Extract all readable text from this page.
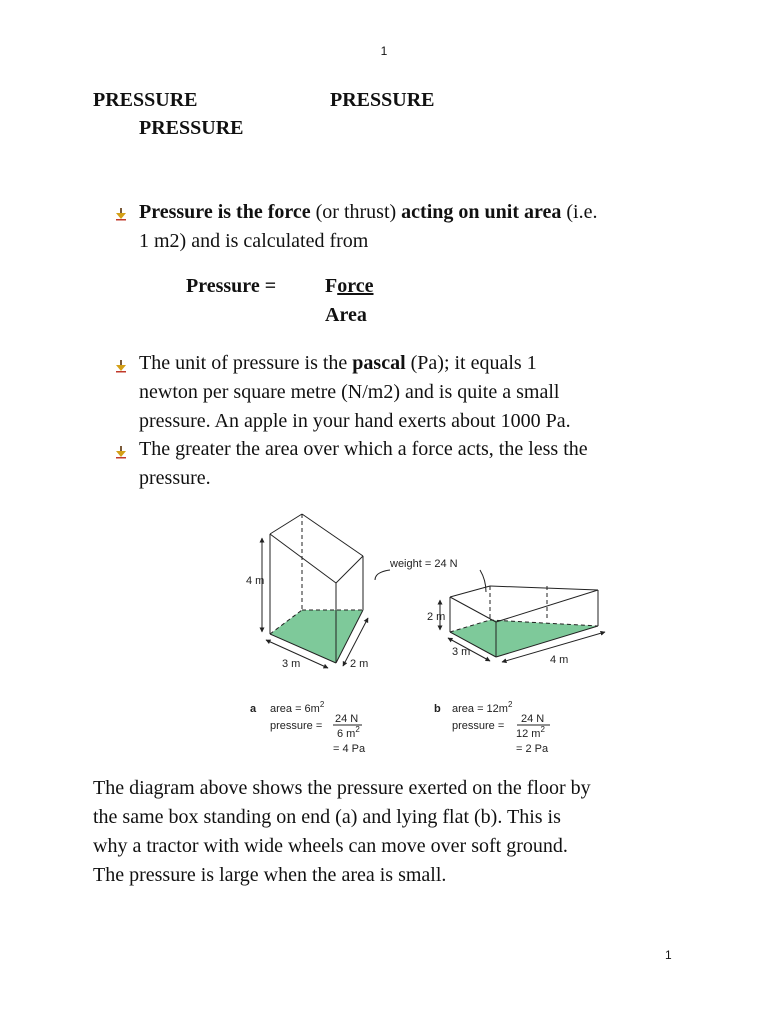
1
PRESSURE	PRESSURE
PRESSURE
Pressure is the force (or thrust) acting on unit area (i.e.
1 m2) and is calculated from
Pressure = Force
Area
The unit of pressure is the pascal (Pa); it equals 1
newton per square metre (N/m2) and is quite a small
pressure. An apple in your hand exerts about 1000 Pa.
The greater the area over which a force acts, the less the
pressure.
4 m
3 m	2 m
weight = 24 N
2 m
3 m
4 m
a area = $6m^2$
pressure =
24 N
6 $m^2$
= 4 Pa
b area = $12m^2$
pressure =
24 N
12 $m^2$
= 2 Pa
The diagram above shows the pressure exerted on the floor by
the same box standing on end (a) and lying flat (b). This is
why a tractor with wide wheels can move over soft ground.
The pressure is large when the area is small.
1
